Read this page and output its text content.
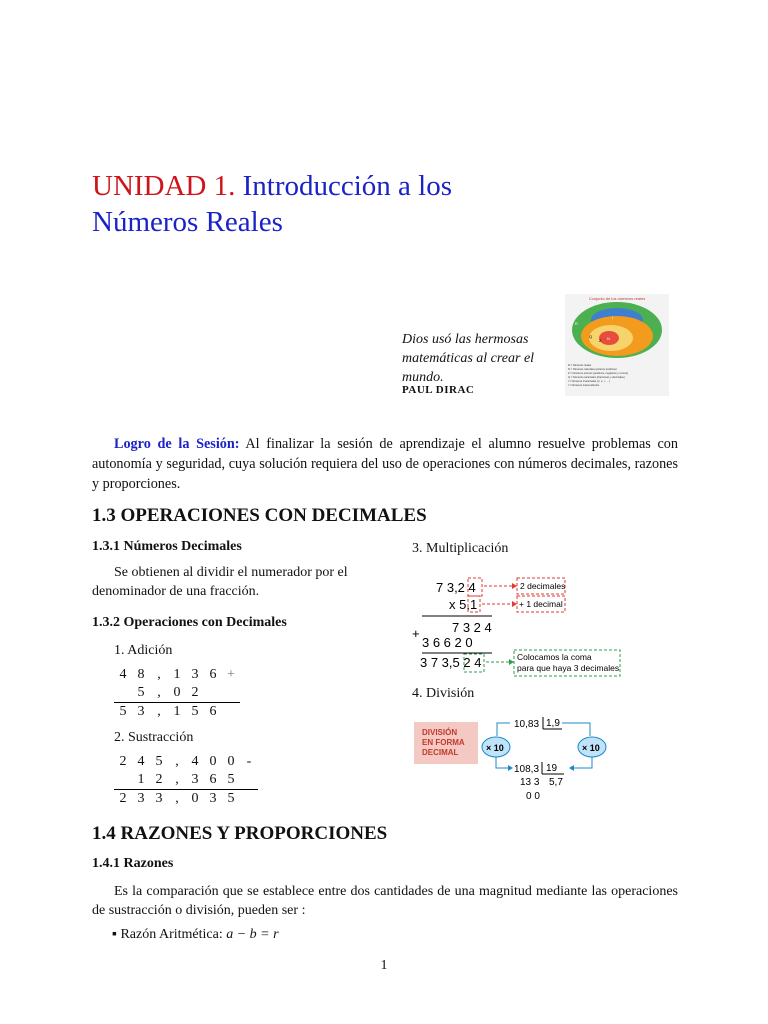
UNIDAD 1. Introducción a los
Números Reales
Dios usó las hermosas matemáticas al crear el mundo.
PAUL DIRAC
Conjunto de los números reales
R
I
Q
Z N
R = Números reales
N = Números naturales (enteros positivos)
Z = Números enteros (positivos, negativos y el cero)
Q = Números racionales (fracciones y decimales)
I = Números irracionales (π, e, √, ...)
I = Números trascendentes
Logro de la Sesión: Al finalizar la sesión de aprendizaje el alumno resuelve problemas con autonomía y seguridad, cuya solución requiera del uso de operaciones con números decimales, razones y proporciones.
1.3 OPERACIONES CON DECIMALES
1.3.1 Números Decimales
Se obtienen al dividir el numerador por el denominador de una fracción.
1.3.2 Operaciones con Decimales
1. Adición
4	8	,	1	3	6	+
	5	,	0	2		
5	3	,	1	5	6	
2. Sustracción
2	4	5	,	4	0	0	-
	1	2	,	3	6	5	
2	3	3	,	0	3	5	
3. Multiplicación
7 3,2 4
x 5,1
7 3 2 4
+
3 6 6 2 0
3 7 3,5 2 4
2 decimales
+ 1 decimal
Colocamos la coma
para que haya 3 decimales
4. División
DIVISIÓN
EN FORMA
DECIMAL
10,83 1,9
× 10	× 10
108,3 19
13 3 5,7
0 0
1.4 RAZONES Y PROPORCIONES
1.4.1 Razones
Es la comparación que se establece entre dos cantidades de una magnitud mediante las operaciones de sustracción o división, pueden ser :
▪ Razón Aritmética: a − b = r
1
